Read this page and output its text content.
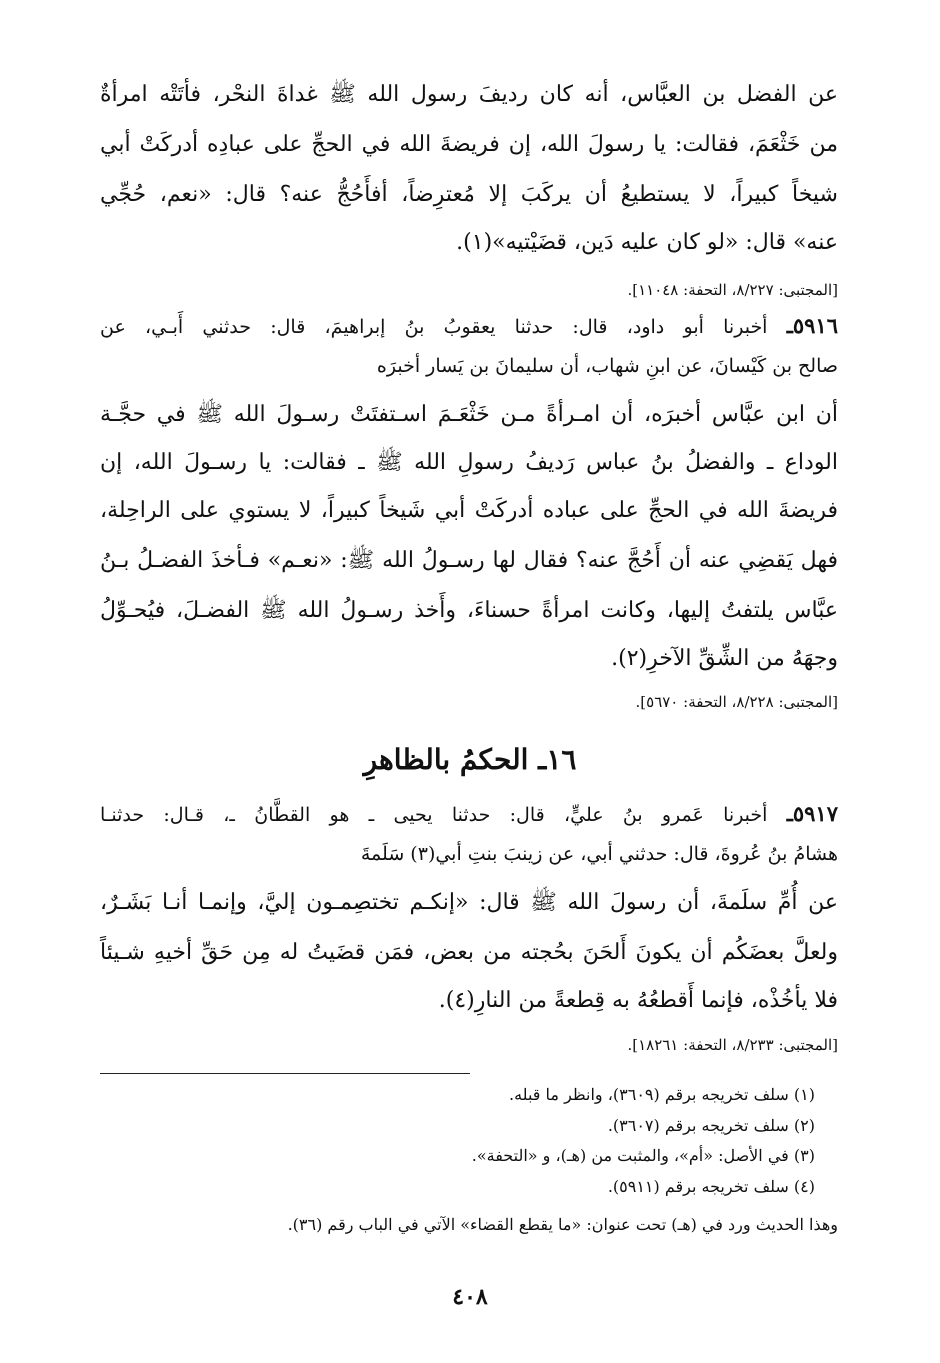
عن الفضل بن العبَّاس، أنه كان رديفَ رسول الله ﷺ غداةَ النحْر، فأتَتْه امرأةٌ
من خَثْعَمَ، فقالت: يا رسولَ الله، إن فريضةَ الله في الحجِّ على عبادِه أدركَتْ أبي
شيخاً كبيراً، لا يستطيعُ أن يركَبَ إلا مُعترِضاً، أفأَحُجُّ عنه؟ قال: «نعم، حُجِّي
عنه» قال: «لو كان عليه دَين، قضَيْتيه»(١).
[المجتبى: ٨/٢٢٧، التحفة: ١١٠٤٨].
٥٩١٦ـ أخبرنا أبو داود، قال: حدثنا يعقوبُ بنُ إبراهيمَ، قال: حدثني أَبـي، عن
صالح بن كَيْسانَ، عن ابنِ شهاب، أن سليمانَ بن يَسار أخبرَه
أن ابن عبَّاس أخبرَه، أن امـرأةً مـن خَثْعَـمَ اسـتفتَتْ رسـولَ الله ﷺ في حجَّـة
الوداع ـ والفضلُ بنُ عباس رَديفُ رسولِ الله ﷺ ـ فقالت: يا رسـولَ الله، إن
فريضةَ الله في الحجِّ على عباده أدركَتْ أبي شَيخاً كبيراً، لا يستوي على الراحِلة،
فهل يَقضِي عنه أن أَحُجَّ عنه؟ فقال لها رسـولُ الله ﷺ: «نعـم» فـأخذَ الفضـلُ بـنُ
عبَّاس يلتفتُ إليها، وكانت امرأةً حسناءَ، وأَخذ رسـولُ الله ﷺ الفضـلَ، فيُحـوِّلُ
وجهَهُ من الشِّقِّ الآخرِ(٢).
[المجتبى: ٨/٢٢٨، التحفة: ٥٦٧٠].
١٦ـ الحكمُ بالظاهرِ
٥٩١٧ـ أخبرنا عَمرو بنُ عليٍّ، قال: حدثنا يحيى ـ هو القطَّانُ ـ، قـال: حدثنـا
هشامُ بنُ عُروةَ، قال: حدثني أبي، عن زينبَ بنتِ أبي(٣) سَلَمةَ
عن أُمِّ سلَمةَ، أن رسولَ الله ﷺ قال: «إنكـم تختصِمـون إليَّ، وإنمـا أنـا بَشَـرٌ،
ولعلَّ بعضَكُم أن يكونَ أَلحَنَ بحُجته من بعض، فمَن قضَيتُ له مِن حَقِّ أخيهِ شـيئاً
فلا يأخُذْه، فإنما أَقطعُهُ به قِطعةً من النارِ(٤).
[المجتبى: ٨/٢٣٣، التحفة: ١٨٢٦١].
(١) سلف تخريجه برقم (٣٦٠٩)، وانظر ما قبله.
(٢) سلف تخريجه برقم (٣٦٠٧).
(٣) في الأصل: «أم»، والمثبت من (هـ)، و «التحفة».
(٤) سلف تخريجه برقم (٥٩١١).
وهذا الحديث ورد في (هـ) تحت عنوان: «ما يقطع القضاء» الآتي في الباب رقم (٣٦).
٤٠٨
